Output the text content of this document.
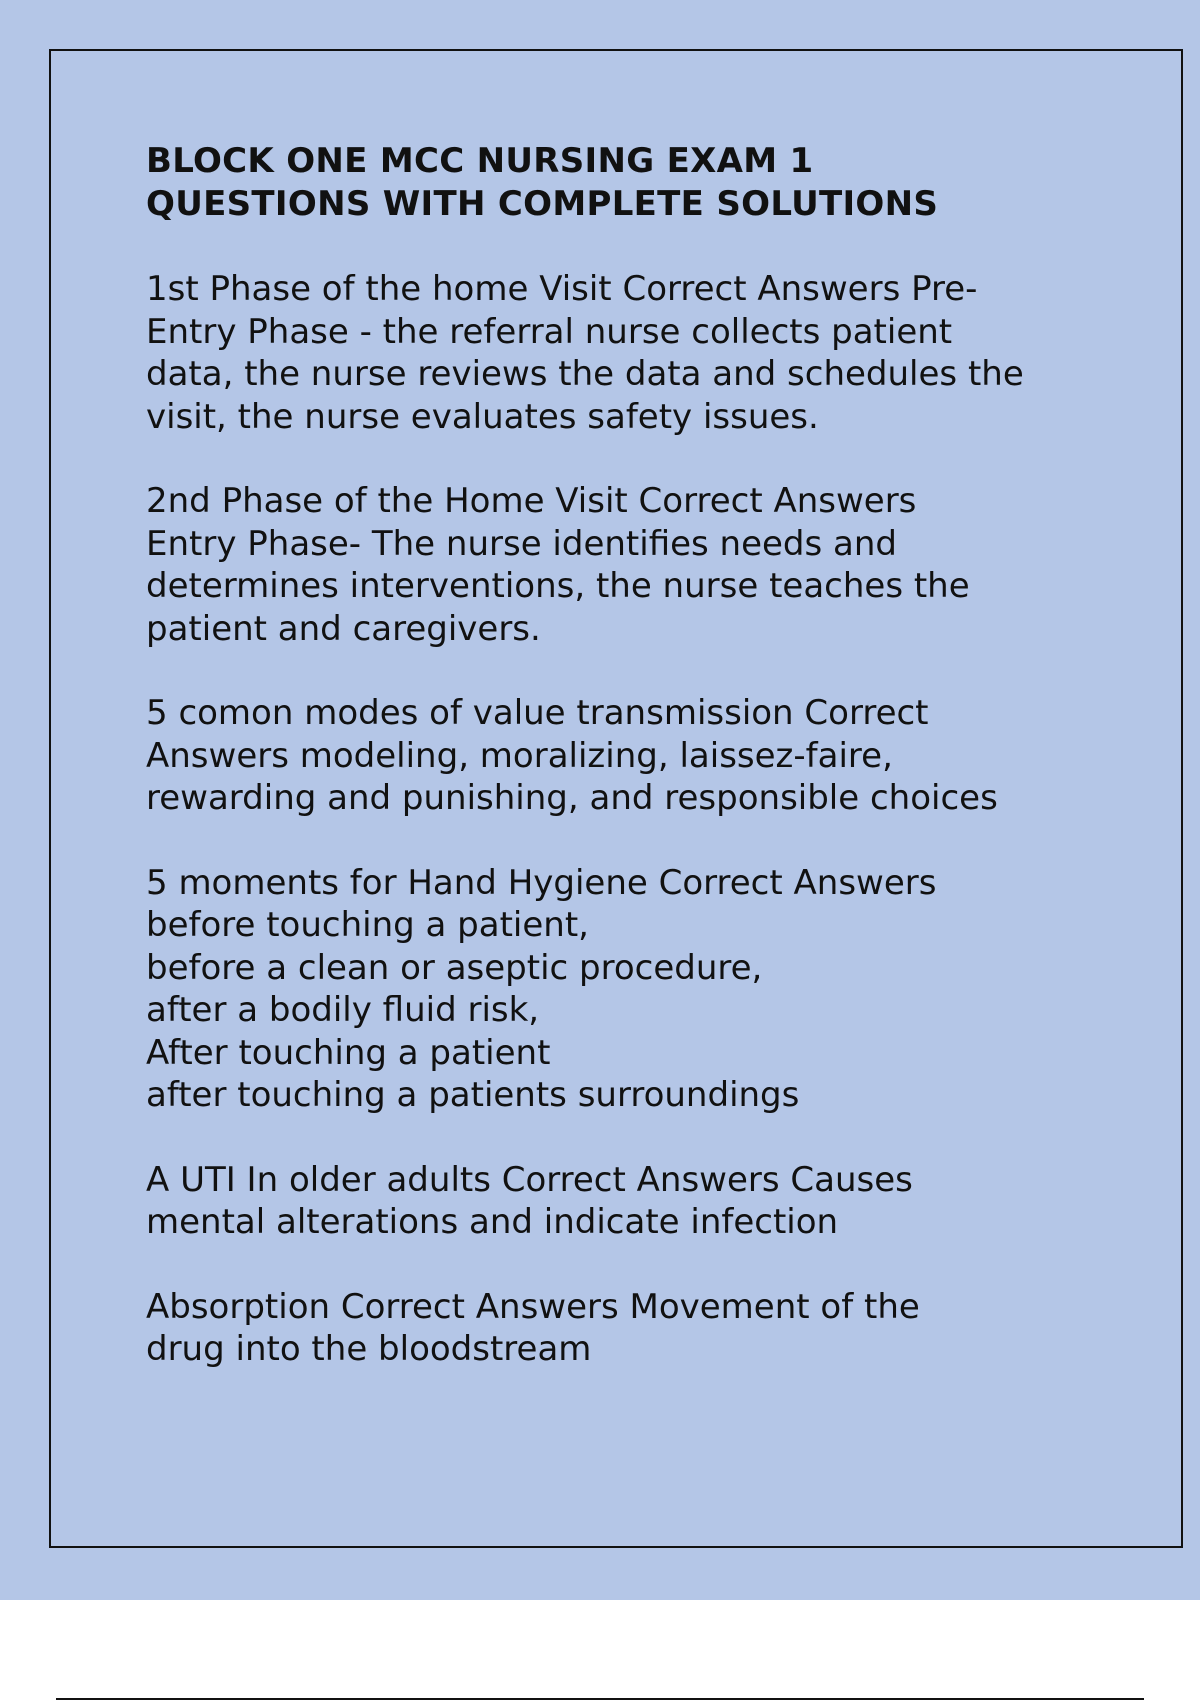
BLOCK ONE MCC NURSING EXAM 1
QUESTIONS WITH COMPLETE SOLUTIONS

1st Phase of the home Visit Correct Answers Pre-
Entry Phase - the referral nurse collects patient
data, the nurse reviews the data and schedules the
visit, the nurse evaluates safety issues.

2nd Phase of the Home Visit Correct Answers
Entry Phase- The nurse identifies needs and
determines interventions, the nurse teaches the
patient and caregivers.

5 comon modes of value transmission Correct
Answers modeling, moralizing, laissez-faire,
rewarding and punishing, and responsible choices

5 moments for Hand Hygiene Correct Answers
before touching a patient,
before a clean or aseptic procedure,
after a bodily fluid risk,
After touching a patient
after touching a patients surroundings

A UTI In older adults Correct Answers Causes
mental alterations and indicate infection

Absorption Correct Answers Movement of the
drug into the bloodstream
